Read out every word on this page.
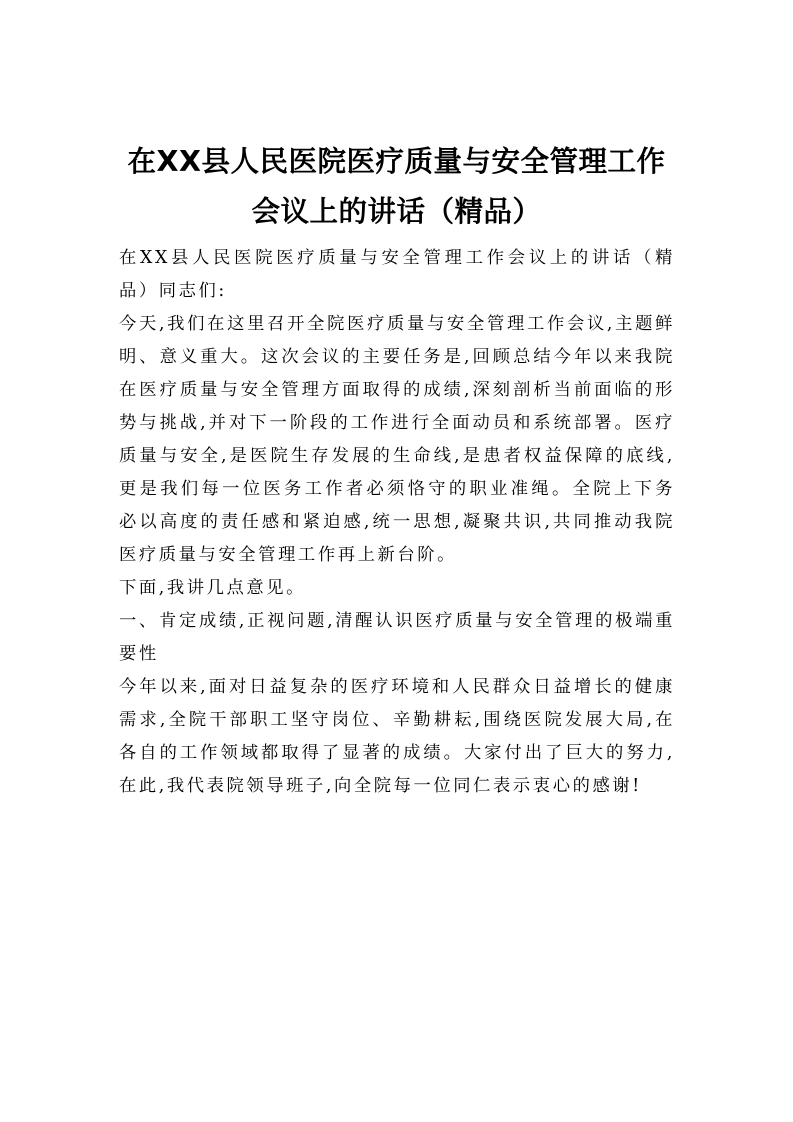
在XX县人民医院医疗质量与安全管理工作
会议上的讲话（精品）

在XX县人民医院医疗质量与安全管理工作会议上的讲话（精品）同志们:

今天,我们在这里召开全院医疗质量与安全管理工作会议,主题鲜明、意义重大。这次会议的主要任务是,回顾总结今年以来我院在医疗质量与安全管理方面取得的成绩,深刻剖析当前面临的形势与挑战,并对下一阶段的工作进行全面动员和系统部署。医疗质量与安全,是医院生存发展的生命线,是患者权益保障的底线,更是我们每一位医务工作者必须恪守的职业准绳。全院上下务必以高度的责任感和紧迫感,统一思想,凝聚共识,共同推动我院医疗质量与安全管理工作再上新台阶。

下面,我讲几点意见。

一、肯定成绩,正视问题,清醒认识医疗质量与安全管理的极端重要性

今年以来,面对日益复杂的医疗环境和人民群众日益增长的健康需求,全院干部职工坚守岗位、辛勤耕耘,围绕医院发展大局,在各自的工作领域都取得了显著的成绩。大家付出了巨大的努力,在此,我代表院领导班子,向全院每一位同仁表示衷心的感谢!
